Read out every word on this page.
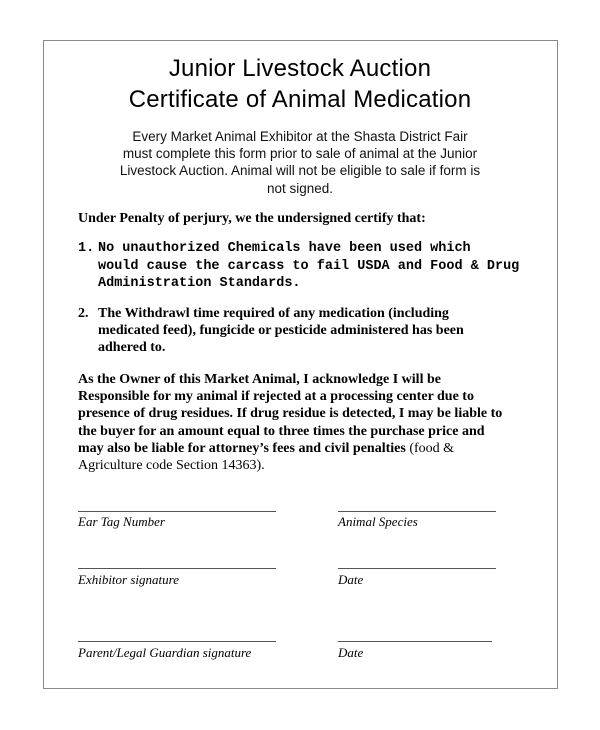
Junior Livestock Auction
Certificate of Animal Medication
Every Market Animal Exhibitor at the Shasta District Fair
must complete this form prior to sale of animal at the Junior
Livestock Auction. Animal will not be eligible to sale if form is
not signed.
Under Penalty of perjury, we the undersigned certify that:
1. No unauthorized Chemicals have been used which
would cause the carcass to fail USDA and Food & Drug
Administration Standards.
2. The Withdrawl time required of any medication (including
medicated feed), fungicide or pesticide administered has been
adhered to.
As the Owner of this Market Animal, I acknowledge I will be
Responsible for my animal if rejected at a processing center due to
presence of drug residues. If drug residue is detected, I may be liable to
the buyer for an amount equal to three times the purchase price and
may also be liable for attorney’s fees and civil penalties (food &
Agriculture code Section 14363).
Ear Tag Number	Animal Species
Exhibitor signature	Date
Parent/Legal Guardian signature	Date
